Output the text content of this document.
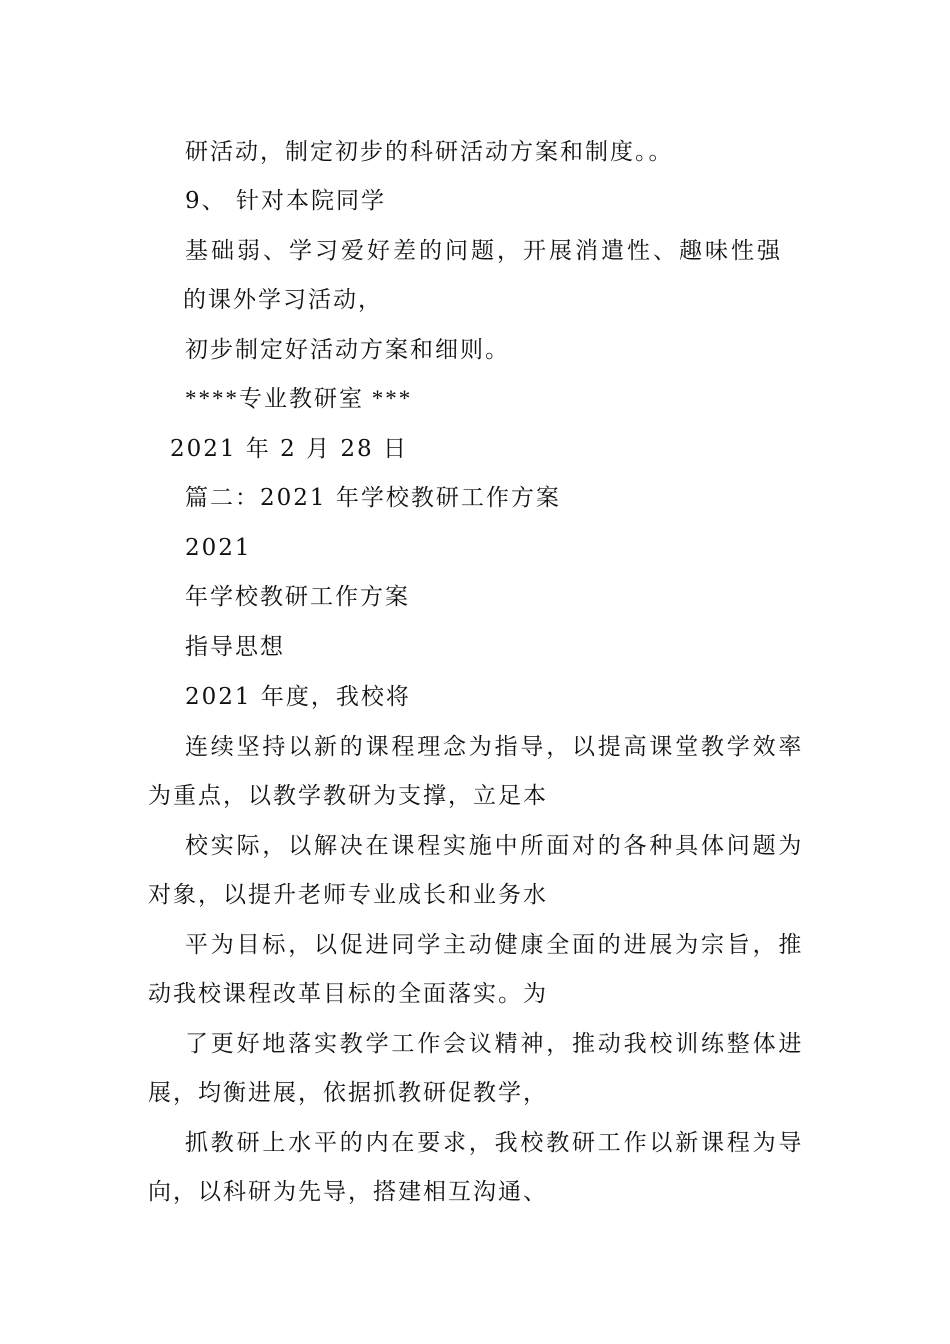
研活动，制定初步的科研活动方案和制度。。
9、 针对本院同学
基础弱、学习爱好差的问题，开展消遣性、趣味性强
的课外学习活动，
初步制定好活动方案和细则。
****专业教研室 ***
2021 年 2 月 28 日
篇二：2021 年学校教研工作方案
2021
年学校教研工作方案
指导思想
2021 年度，我校将
连续坚持以新的课程理念为指导，以提高课堂教学效率
为重点，以教学教研为支撑，立足本
校实际，以解决在课程实施中所面对的各种具体问题为
对象，以提升老师专业成长和业务水
平为目标，以促进同学主动健康全面的进展为宗旨，推
动我校课程改革目标的全面落实。为
了更好地落实教学工作会议精神，推动我校训练整体进
展，均衡进展，依据抓教研促教学，
抓教研上水平的内在要求，我校教研工作以新课程为导
向，以科研为先导，搭建相互沟通、
